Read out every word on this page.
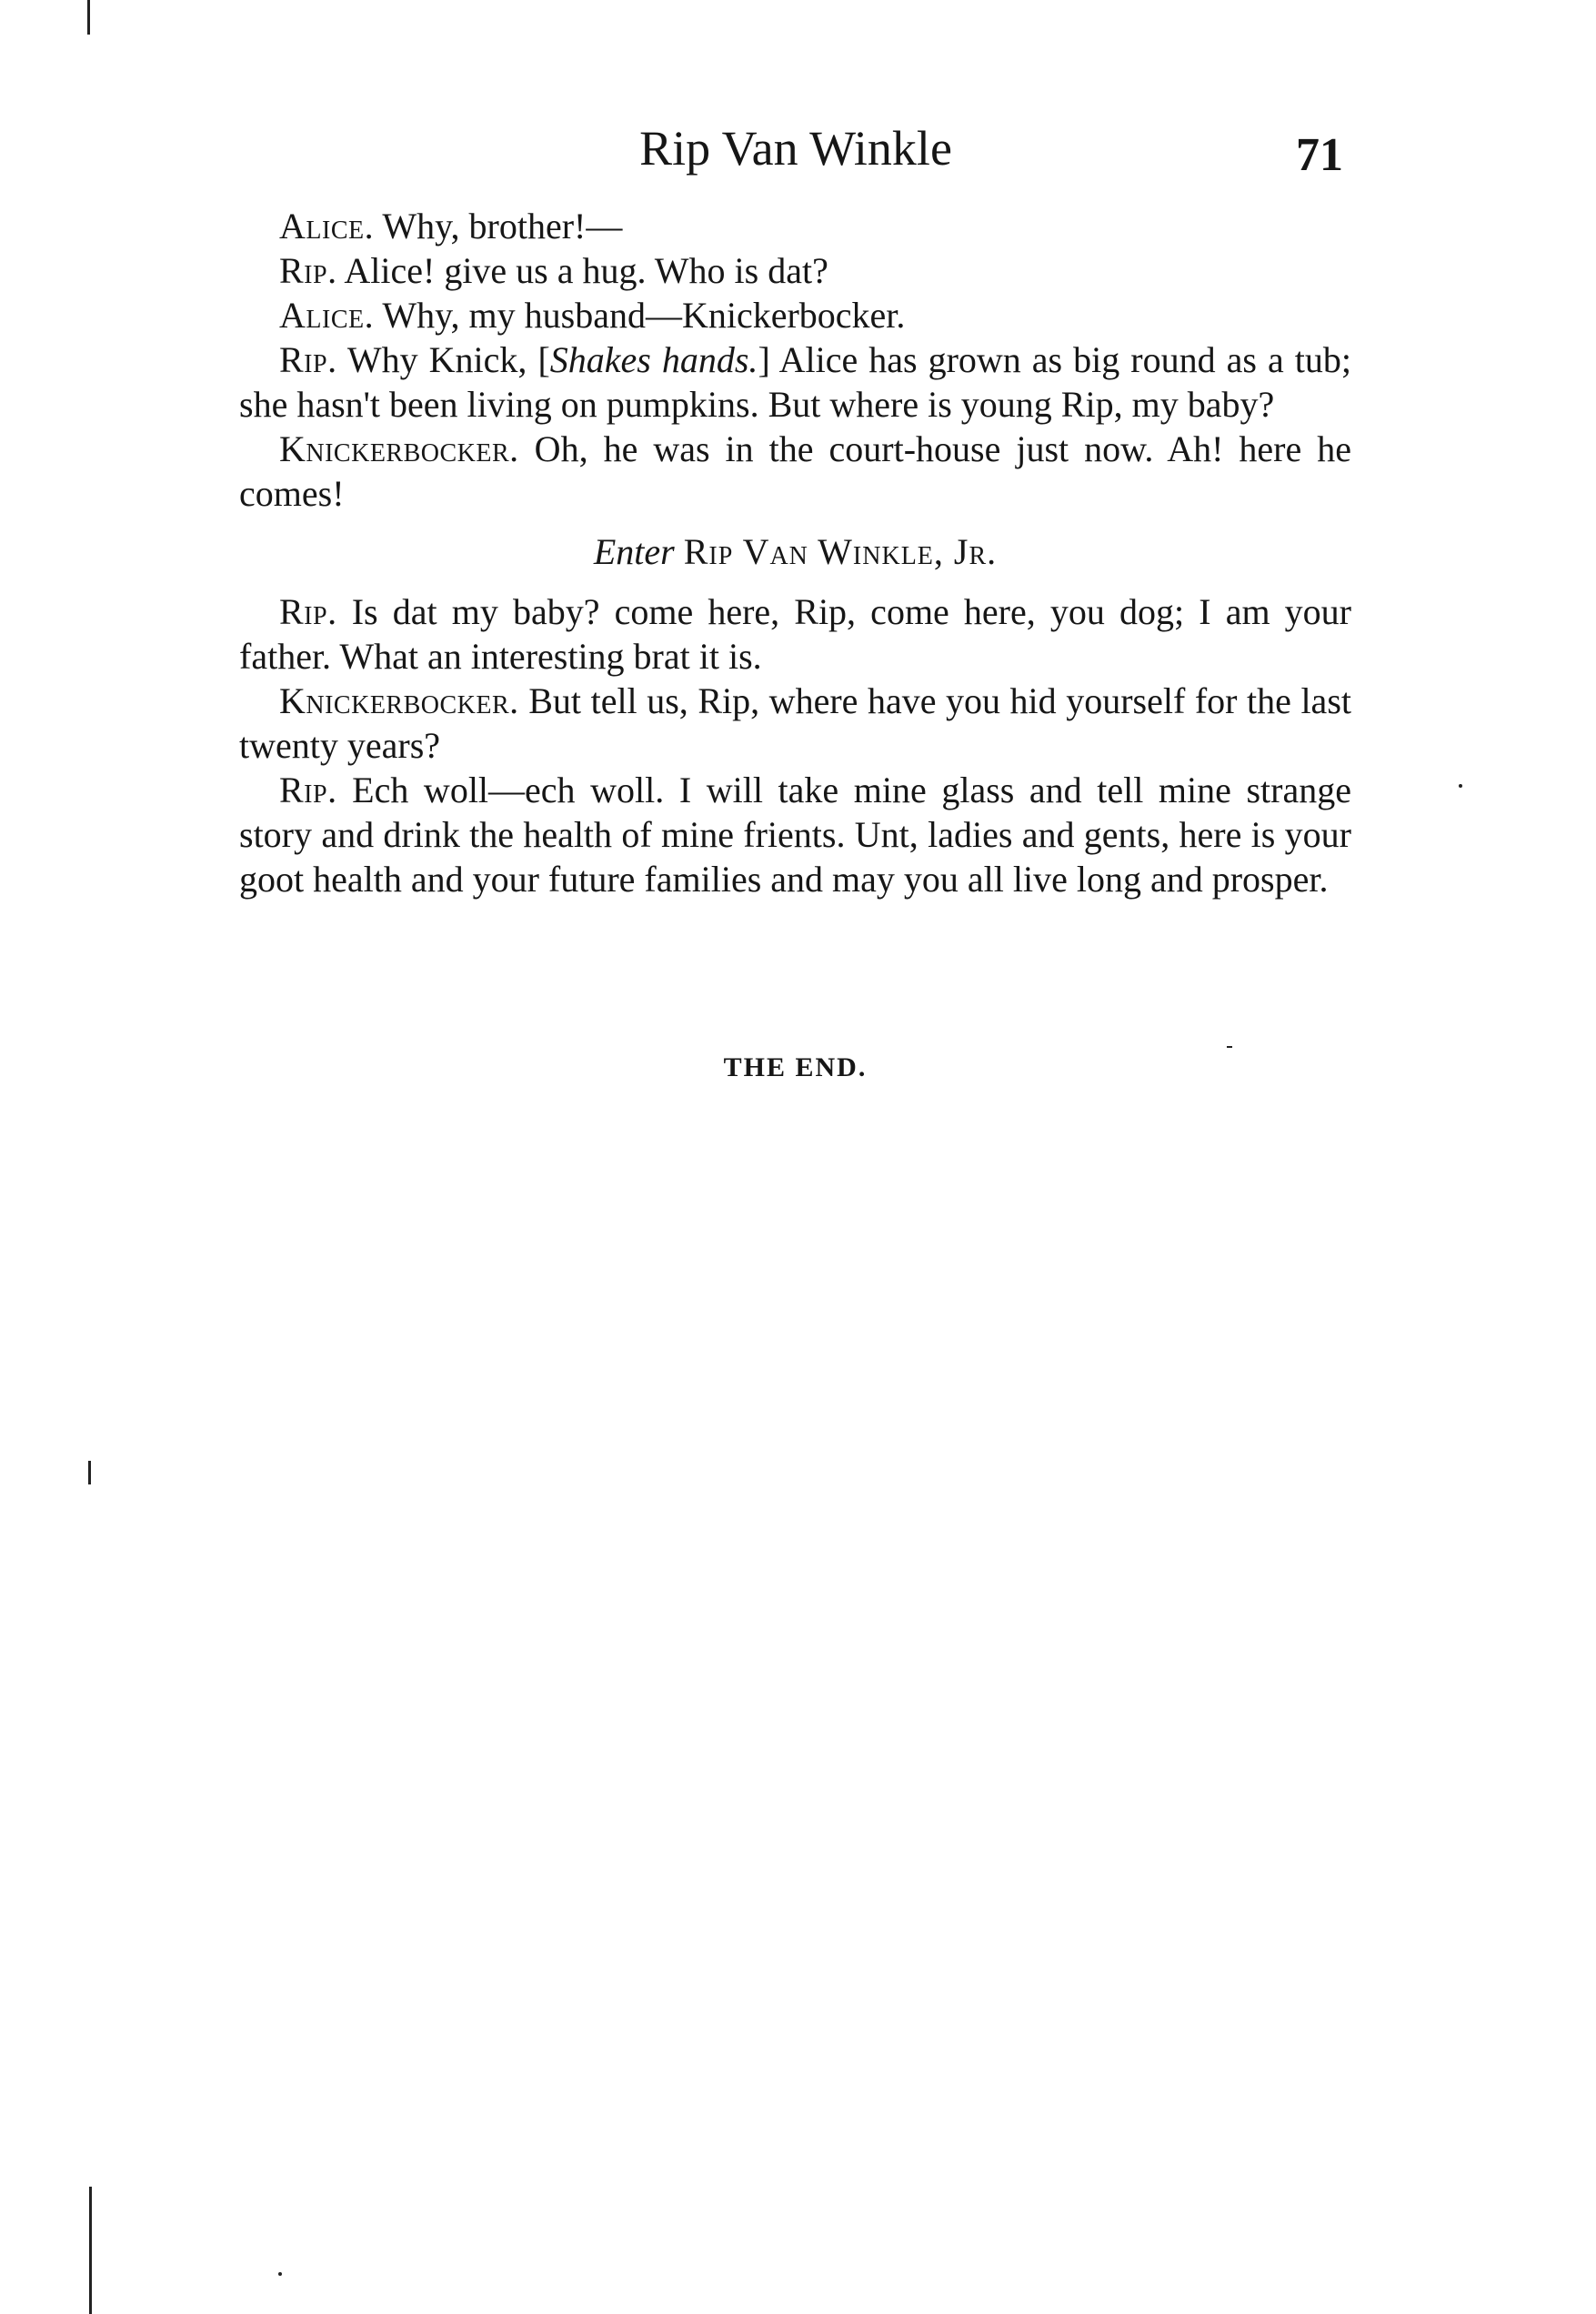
Rip Van Winkle	71

Alice. Why, brother!—

Rip. Alice! give us a hug. Who is dat?

Alice. Why, my husband—Knickerbocker.

Rip. Why Knick, [Shakes hands.] Alice has grown as big round as a tub; she hasn't been living on pumpkins. But where is young Rip, my baby?

Knickerbocker. Oh, he was in the court-house just now. Ah! here he comes!

Enter Rip Van Winkle, Jr.

Rip. Is dat my baby? come here, Rip, come here, you dog; I am your father. What an interesting brat it is.

Knickerbocker. But tell us, Rip, where have you hid yourself for the last twenty years?

Rip. Ech woll—ech woll. I will take mine glass and tell mine strange story and drink the health of mine frients. Unt, ladies and gents, here is your goot health and your future families and may you all live long and prosper.

THE END.
